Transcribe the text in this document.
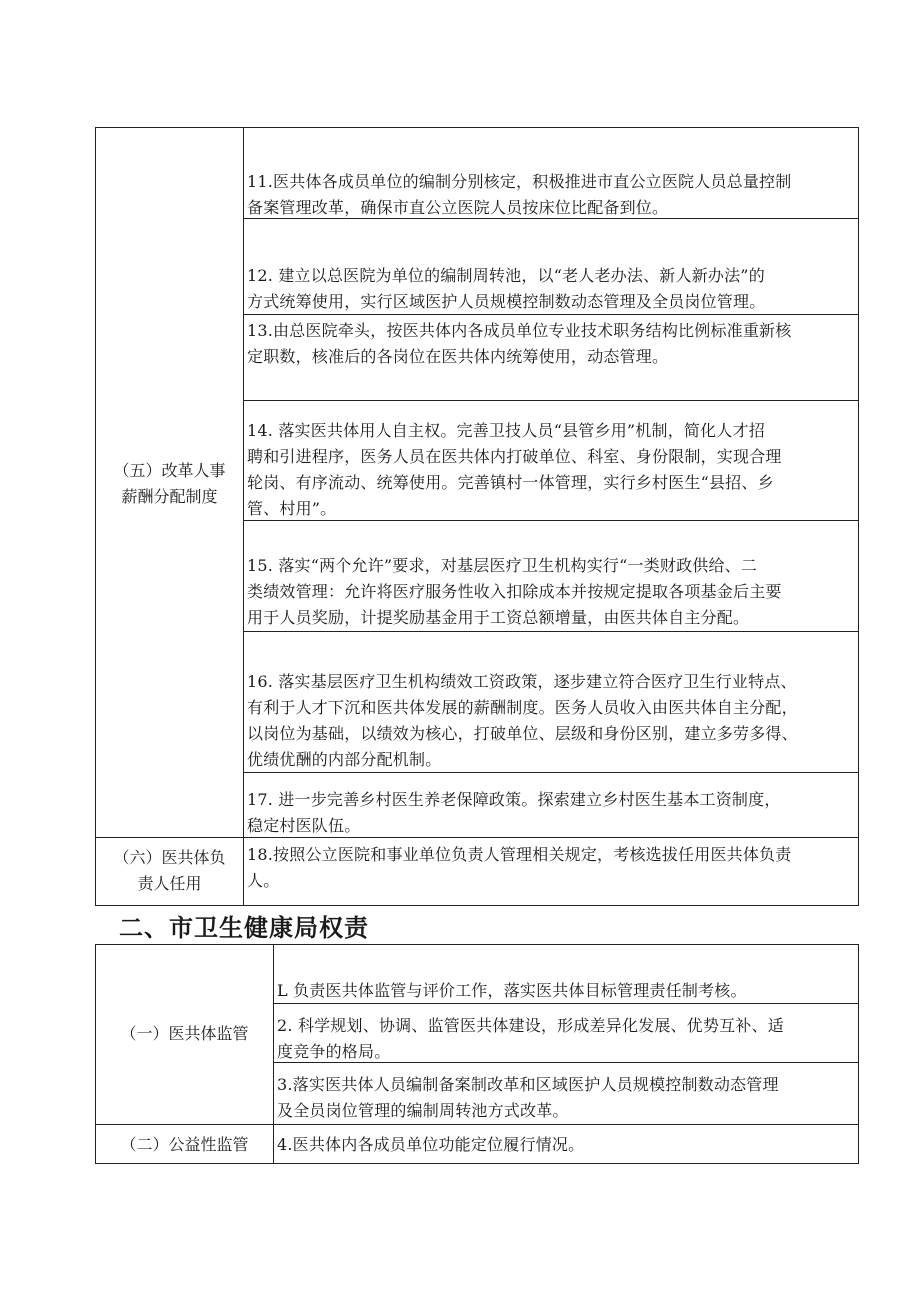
（五）改革人事
薪酬分配制度
（六）医共体负
责人任用
11.医共体各成员单位的编制分别核定，积极推进市直公立医院人员总量控制
备案管理改革，确保市直公立医院人员按床位比配备到位。
12. 建立以总医院为单位的编制周转池，以“老人老办法、新人新办法”的
方式统筹使用，实行区域医护人员规模控制数动态管理及全员岗位管理。
13.由总医院牵头，按医共体内各成员单位专业技术职务结构比例标准重新核
定职数，核准后的各岗位在医共体内统筹使用，动态管理。
14. 落实医共体用人自主权。完善卫技人员“县管乡用”机制，简化人才招
聘和引进程序，医务人员在医共体内打破单位、科室、身份限制，实现合理
轮岗、有序流动、统筹使用。完善镇村一体管理，实行乡村医生“县招、乡
管、村用”。
15. 落实“两个允许”要求，对基层医疗卫生机构实行“一类财政供给、二
类绩效管理：允许将医疗服务性收入扣除成本并按规定提取各项基金后主要
用于人员奖励，计提奖励基金用于工资总额增量，由医共体自主分配。
16. 落实基层医疗卫生机构绩效工资政策，逐步建立符合医疗卫生行业特点、
有利于人才下沉和医共体发展的薪酬制度。医务人员收入由医共体自主分配，
以岗位为基础，以绩效为核心，打破单位、层级和身份区别，建立多劳多得、
优绩优酬的内部分配机制。
17. 进一步完善乡村医生养老保障政策。探索建立乡村医生基本工资制度，
稳定村医队伍。
18.按照公立医院和事业单位负责人管理相关规定，考核选拔任用医共体负责
人。
二、市卫生健康局权责
（一）医共体监管
（二）公益性监管
L 负责医共体监管与评价工作，落实医共体目标管理责任制考核。
2. 科学规划、协调、监管医共体建设，形成差异化发展、优势互补、适
度竞争的格局。
3.落实医共体人员编制备案制改革和区域医护人员规模控制数动态管理
及全员岗位管理的编制周转池方式改革。
4.医共体内各成员单位功能定位履行情况。
